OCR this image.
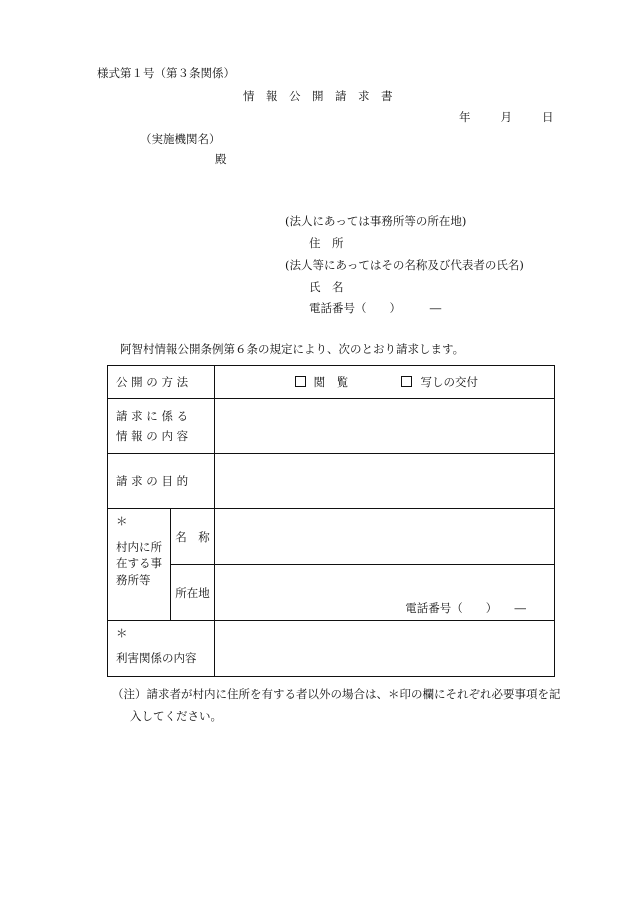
様式第１号（第３条関係）
情　報　公　開　請　求　書
年	月	日
（実施機関名）
殿
(法人にあっては事務所等の所在地)
住　所
(法人等にあってはその名称及び代表者の氏名)
氏　名
電話番号（　　）　　　―
阿智村情報公開条例第６条の規定により、次のとおり請求します。
公 開 の 方 法		閲　覧 写しの交付

請 求 に 係 る
情 報 の 内 容		

請 求 の 目 的		

＊
村内に所在する事務所等	名　称	
	所在地	電話番号（　　）　　―

＊
利害関係の内容		
（注）請求者が村内に住所を有する者以外の場合は、＊印の欄にそれぞれ必要事項を記
入してください。
